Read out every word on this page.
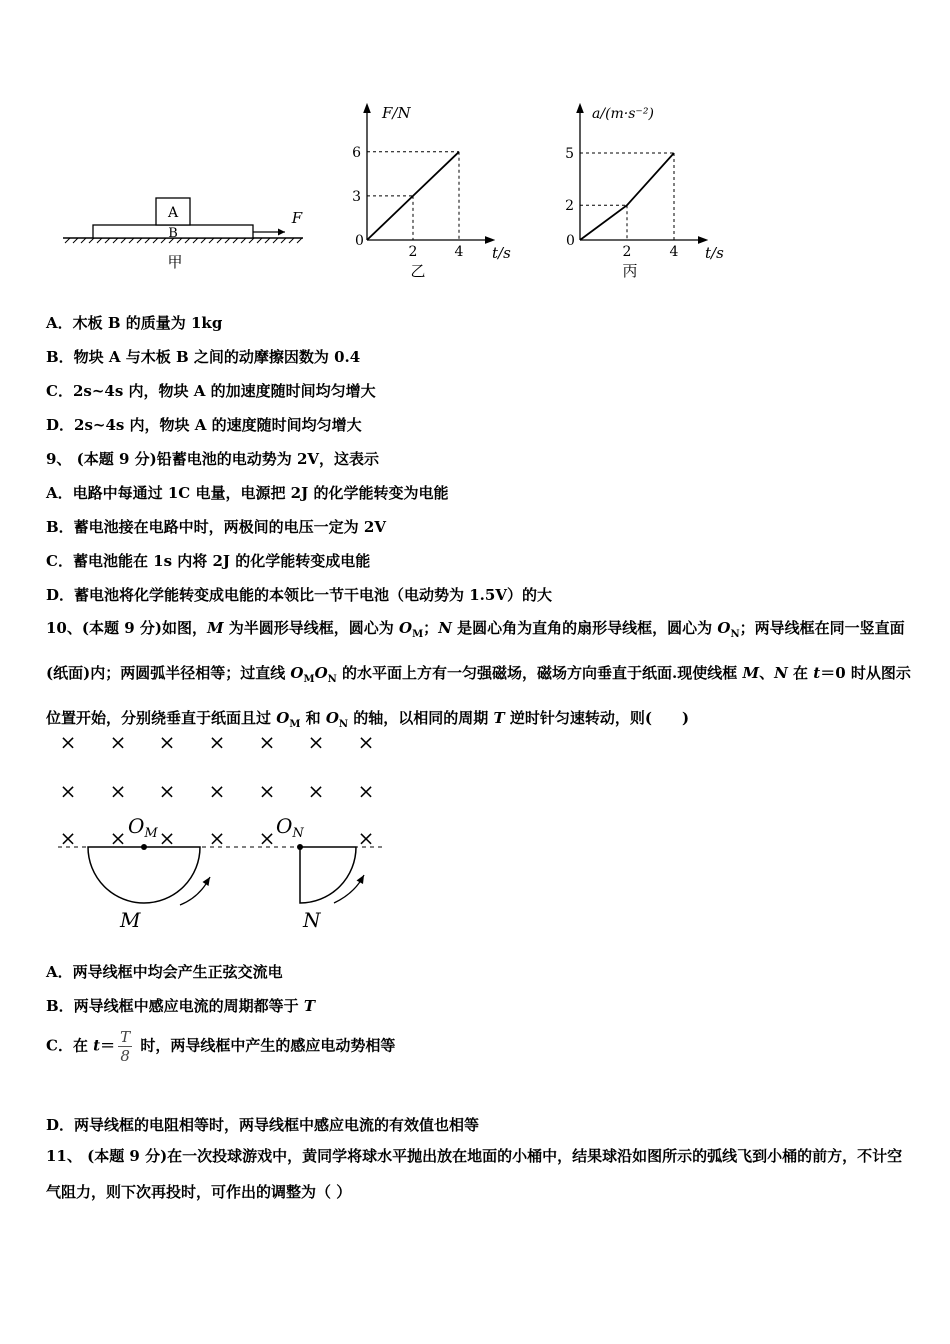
A
B
F
甲
F/N
t/s
0
2	4
3
6
乙
a/(m·s⁻²)
t/s
0
2	4
2
5
丙
A．木板 B 的质量为 1kg
B．物块 A 与木板 B 之间的动摩擦因数为 0.4
C．2s~4s 内，物块 A 的加速度随时间均匀增大
D．2s~4s 内，物块 A 的速度随时间均匀增大
9、 (本题 9 分)铅蓄电池的电动势为 2V，这表示
A．电路中每通过 1C 电量，电源把 2J 的化学能转变为电能
B．蓄电池接在电路中时，两极间的电压一定为 2V
C．蓄电池能在 1s 内将 2J 的化学能转变成电能
D．蓄电池将化学能转变成电能的本领比一节干电池（电动势为 1.5V）的大
10、(本题 9 分)如图，M 为半圆形导线框，圆心为 $O_M$；N 是圆心角为直角的扇形导线框，圆心为 $O_N$；两导线框在同一竖直面(纸面)内；两圆弧半径相等；过直线 $O_MO_N$ 的水平面上方有一匀强磁场，磁场方向垂直于纸面.现使线框 M、N 在 t＝0 时从图示位置开始，分别绕垂直于纸面且过 $O_M$ 和 $O_N$ 的轴，以相同的周期 T 逆时针匀速转动，则(　　)
× × × × × × ×
× × × × × × ×
× × × × ×	×
$O_M$
M
$O_N$
N
A．两导线框中均会产生正弦交流电
B．两导线框中感应电流的周期都等于 T
C．在 $t= \frac{T}{8}$ 时，两导线框中产生的感应电动势相等
D．两导线框的电阻相等时，两导线框中感应电流的有效值也相等
11、 (本题 9 分)在一次投球游戏中，黄同学将球水平抛出放在地面的小桶中，结果球沿如图所示的弧线飞到小桶的前方，不计空气阻力，则下次再投时，可作出的调整为（ ）
